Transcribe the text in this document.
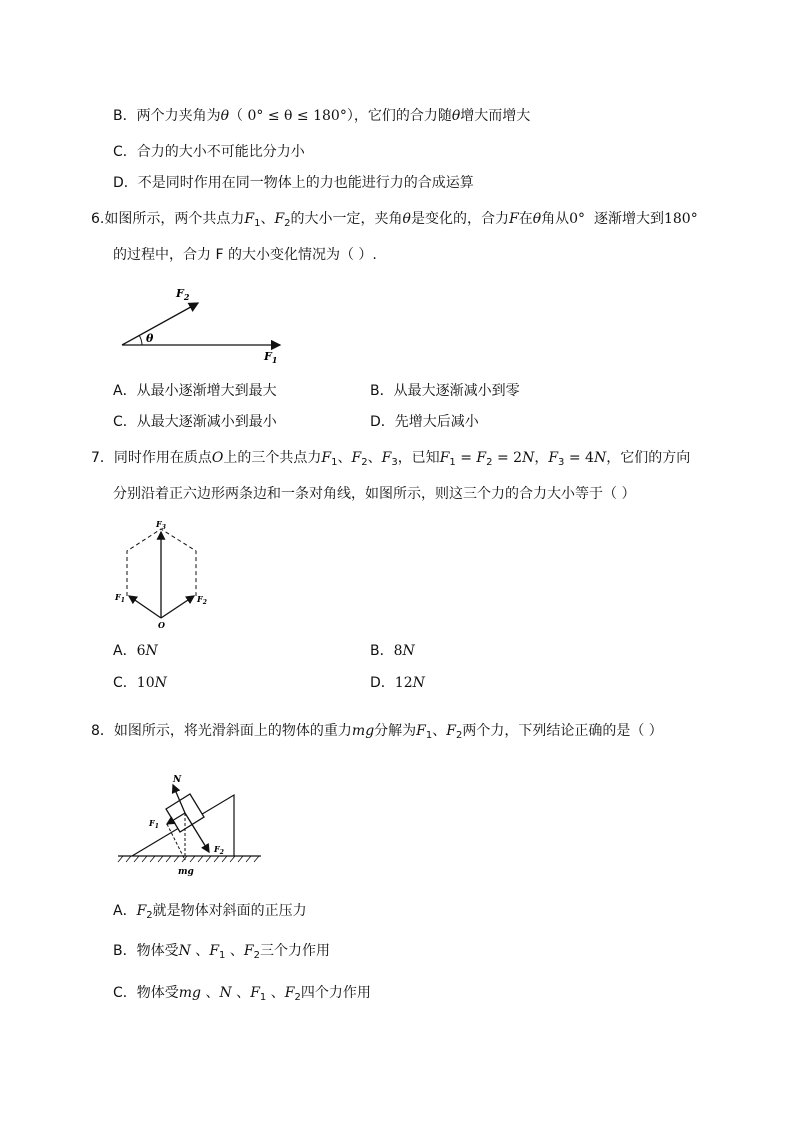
B．两个力夹角为θ（ 0° ≤ θ ≤ 180°），它们的合力随θ增大而增大
C．合力的大小不可能比分力小
D．不是同时作用在同一物体上的力也能进行力的合成运算
6.如图所示，两个共点力$F_1$、$F_2$的大小一定，夹角θ是变化的，合力F在θ角从0° 逐渐增大到180°
的过程中，合力 F 的大小变化情况为（ ）.
$F_2$
θ
$F_1$
A．从最小逐渐增大到最大	B．从最大逐渐减小到零
C．从最大逐渐减小到最小	D．先增大后减小
7．同时作用在质点O上的三个共点力$F_1$、$F_2$、$F_3$，已知$F_1 = F_2 = 2N$，$F_3 = 4N$，它们的方向
分别沿着正六边形两条边和一条对角线，如图所示，则这三个力的合力大小等于（ ）
$F_3$
$F_1$	$F_2$
O
A．6N	B．8N
C．10N	D．12N
8．如图所示，将光滑斜面上的物体的重力mg分解为$F_1$、$F_2$两个力，下列结论正确的是（ ）
N
$F_1$
$F_2$
mg
A．$F_2$就是物体对斜面的正压力
B．物体受N 、$F_1$ 、$F_2$三个力作用
C．物体受mg 、N 、$F_1$ 、$F_2$四个力作用
